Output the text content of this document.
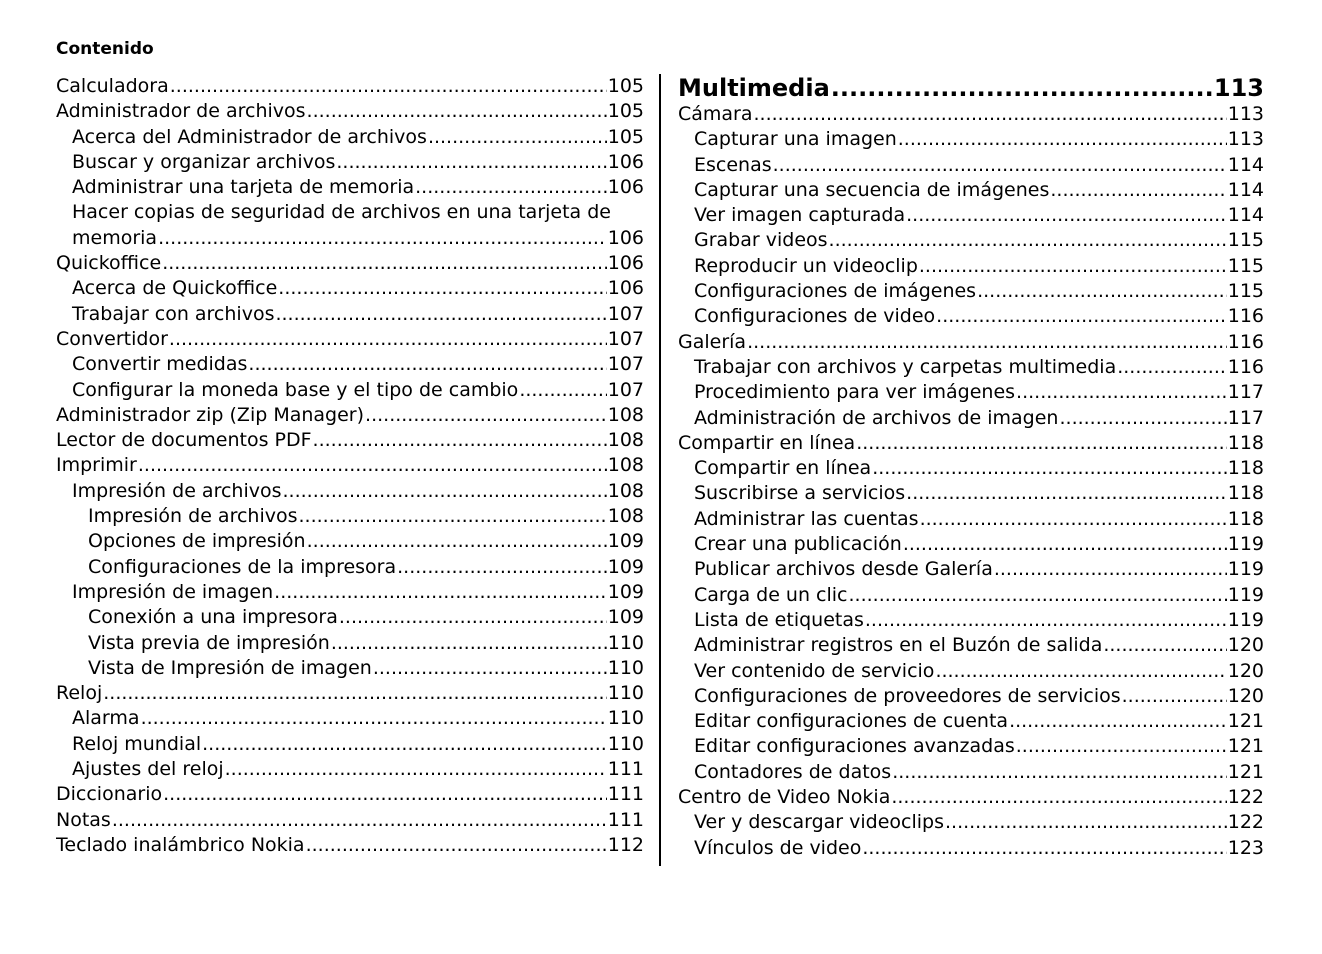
Contenido
Calculadora .....	105
Administrador de archivos .....	105
Acerca del Administrador de archivos .....	105
Buscar y organizar archivos .....	106
Administrar una tarjeta de memoria .....	106
Hacer copias de seguridad de archivos en una tarjeta de
memoria .....	106
Quickoffice .....	106
Acerca de Quickoffice .....	106
Trabajar con archivos .....	107
Convertidor .....	107
Convertir medidas .....	107
Configurar la moneda base y el tipo de cambio .....	107
Administrador zip (Zip Manager) .....	108
Lector de documentos PDF .....	108
Imprimir .....	108
Impresión de archivos .....	108
Impresión de archivos .....	108
Opciones de impresión .....	109
Configuraciones de la impresora .....	109
Impresión de imagen .....	109
Conexión a una impresora .....	109
Vista previa de impresión .....	110
Vista de Impresión de imagen .....	110
Reloj .....	110
Alarma .....	110
Reloj mundial .....	110
Ajustes del reloj .....	111
Diccionario .....	111
Notas .....	111
Teclado inalámbrico Nokia .....	112
Multimedia .....	113
Cámara .....	113
Capturar una imagen .....	113
Escenas .....	114
Capturar una secuencia de imágenes .....	114
Ver imagen capturada .....	114
Grabar videos .....	115
Reproducir un videoclip .....	115
Configuraciones de imágenes .....	115
Configuraciones de video .....	116
Galería .....	116
Trabajar con archivos y carpetas multimedia .....	116
Procedimiento para ver imágenes .....	117
Administración de archivos de imagen .....	117
Compartir en línea .....	118
Compartir en línea .....	118
Suscribirse a servicios .....	118
Administrar las cuentas .....	118
Crear una publicación .....	119
Publicar archivos desde Galería .....	119
Carga de un clic .....	119
Lista de etiquetas .....	119
Administrar registros en el Buzón de salida .....	120
Ver contenido de servicio .....	120
Configuraciones de proveedores de servicios .....	120
Editar configuraciones de cuenta .....	121
Editar configuraciones avanzadas .....	121
Contadores de datos .....	121
Centro de Video Nokia .....	122
Ver y descargar videoclips .....	122
Vínculos de video .....	123
